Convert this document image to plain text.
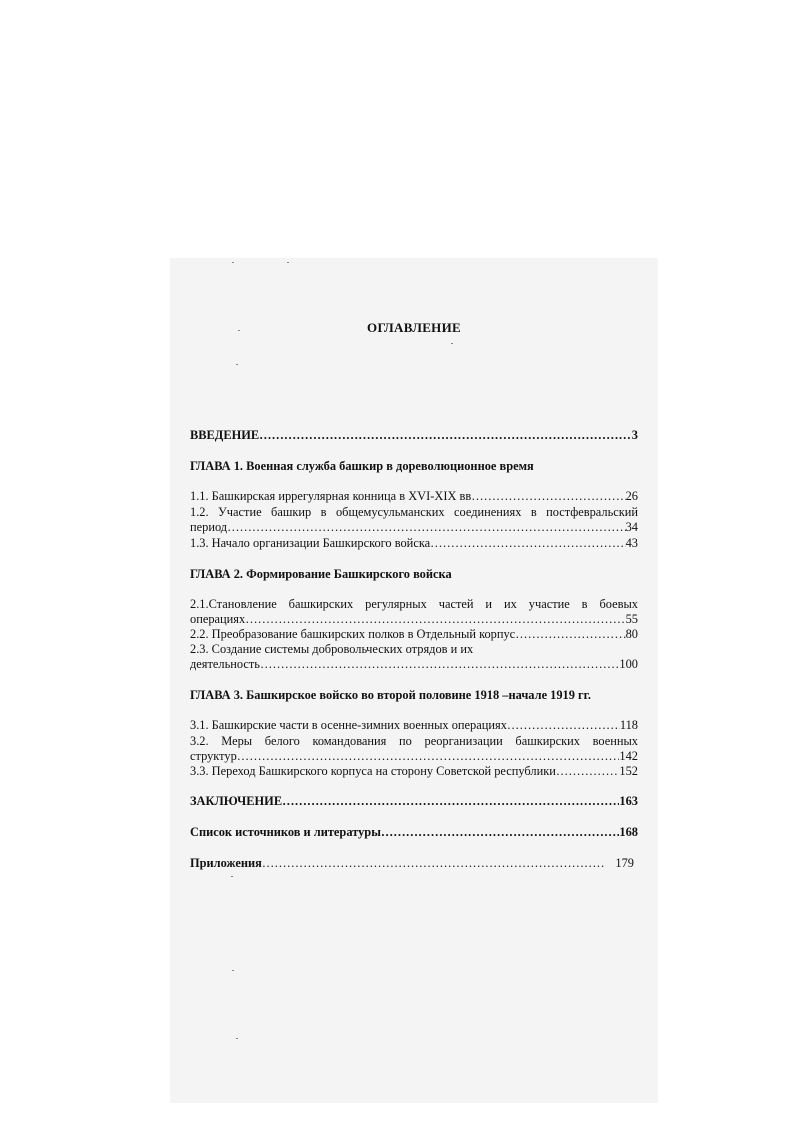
ОГЛАВЛЕНИЕ
ВВЕДЕНИЕ…	3
…………………………………………………………………………………………………………………………………………………………
ГЛАВА 1. Военная служба башкир в дореволюционное время
1.1. Башкирская иррегулярная конница в XVI-XIX вв	26
…………………………………………………………………………………………………………………………………………………………
1.2. Участие башкир в общемусульманских соединениях в постфевральский
период	34
…………………………………………………………………………………………………………………………………………………………
1.3. Начало организации Башкирского войска	43
…………………………………………………………………………………………………………………………………………………………
ГЛАВА 2. Формирование Башкирского войска
2.1.Становление башкирских регулярных частей и их участие в боевых
операциях	55
…………………………………………………………………………………………………………………………………………………………
2.2. Преобразование башкирских полков в Отдельный корпус	80
…………………………………………………………………………………………………………………………………………………………
2.3. Создание системы добровольческих отрядов и их
деятельность	100
…………………………………………………………………………………………………………………………………………………………
ГЛАВА 3. Башкирское войско во второй половине 1918 –начале 1919 гг.
3.1. Башкирские части в осенне-зимних военных операциях	118
…………………………………………………………………………………………………………………………………………………………
3.2. Меры белого командования по реорганизации башкирских военных
структур	142
…………………………………………………………………………………………………………………………………………………………
3.3. Переход Башкирского корпуса на сторону Советской республики	152
…………………………………………………………………………………………………………………………………………………………
ЗАКЛЮЧЕНИЕ	163
…………………………………………………………………………………………………………………………………………………………
Список источников и литературы	168
…………………………………………………………………………………………………………………………………………………………
Приложения	179
…………………………………………………………………………………………………………………………………………………………
